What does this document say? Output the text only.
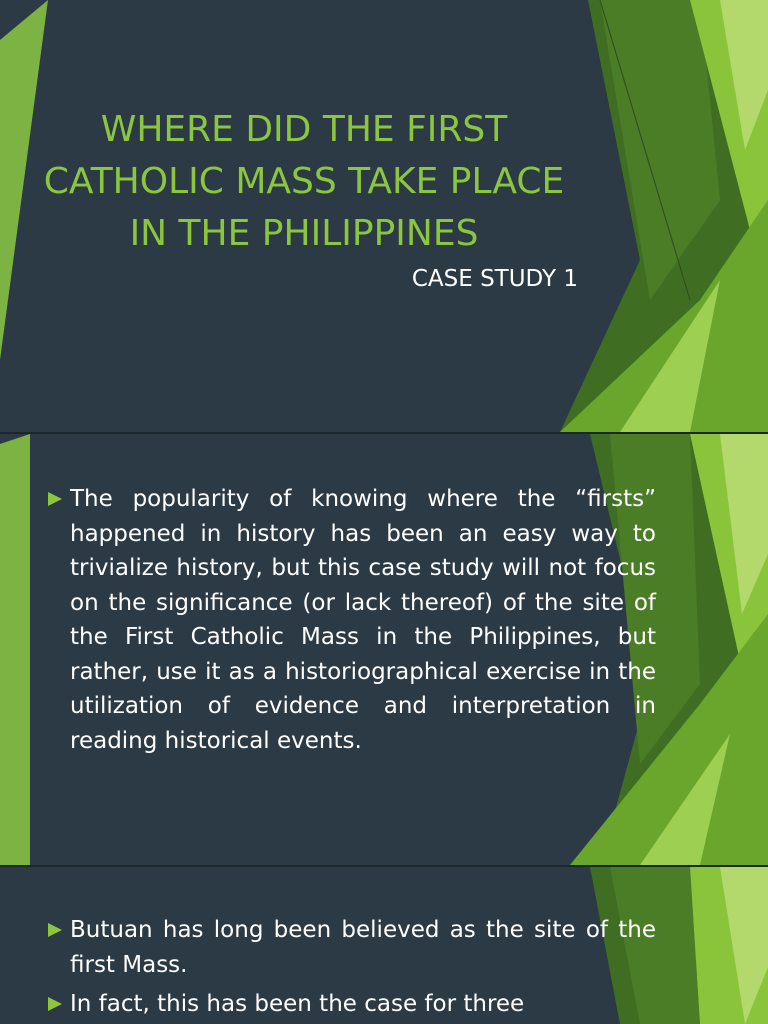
WHERE DID THE FIRST CATHOLIC MASS TAKE PLACE IN THE PHILIPPINES
CASE STUDY 1
The popularity of knowing where the “firsts” happened in history has been an easy way to trivialize history, but this case study will not focus on the significance (or lack thereof) of the site of the First Catholic Mass in the Philippines, but rather, use it as a historiographical exercise in the utilization of evidence and interpretation in reading historical events.
Butuan has long been believed as the site of the first Mass.
In fact, this has been the case for three
